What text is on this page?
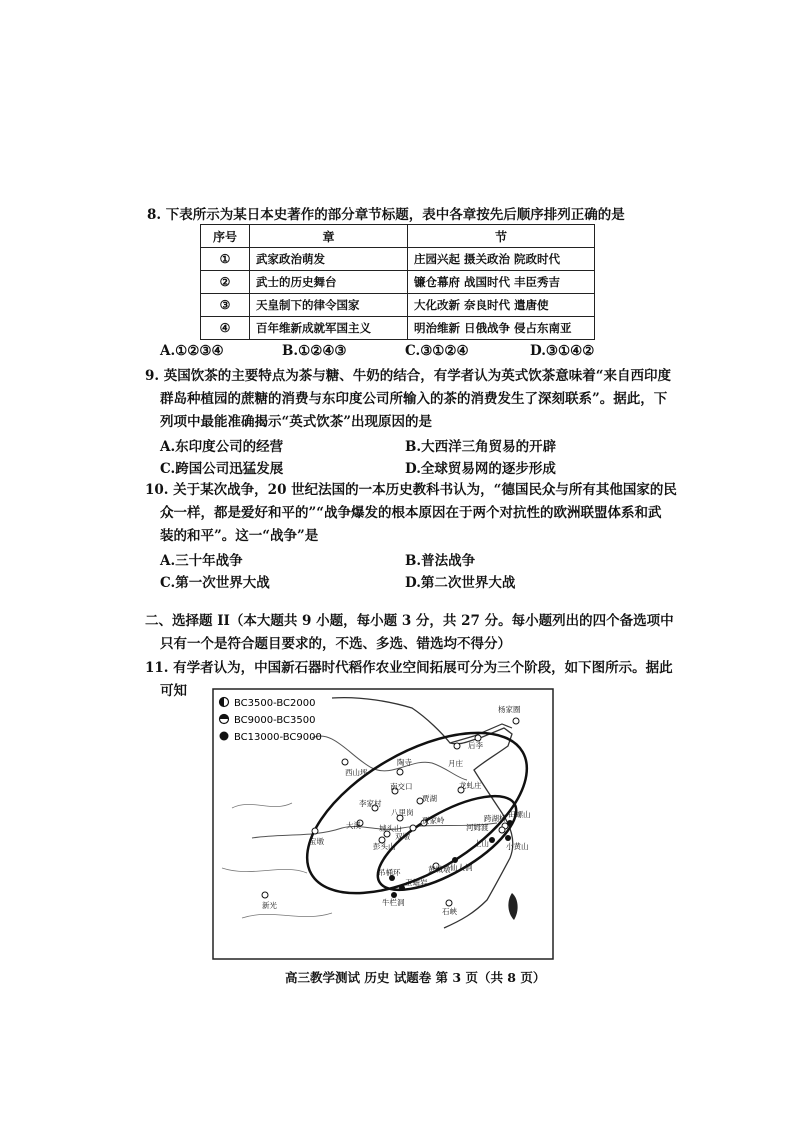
8. 下表所示为某日本史著作的部分章节标题，表中各章按先后顺序排列正确的是
序号	章	节
①	武家政治萌发	庄园兴起 摄关政治 院政时代
②	武士的历史舞台	镰仓幕府 战国时代 丰臣秀吉
③	天皇制下的律令国家	大化改新 奈良时代 遣唐使
④	百年维新成就军国主义	明治维新 日俄战争 侵占东南亚
A.①②③④	B.①②④③	C.③①②④	D.③①④②
9. 英国饮茶的主要特点为茶与糖、牛奶的结合，有学者认为英式饮茶意味着“来自西印度
群岛种植园的蔗糖的消费与东印度公司所输入的茶的消费发生了深刻联系”。据此，下
列项中最能准确揭示“英式饮茶”出现原因的是
A.东印度公司的经营	B.大西洋三角贸易的开辟
C.跨国公司迅猛发展	D.全球贸易网的逐步形成
10. 关于某次战争，20 世纪法国的一本历史教科书认为，“德国民众与所有其他国家的民
众一样，都是爱好和平的”“战争爆发的根本原因在于两个对抗性的欧洲联盟体系和武
装的和平”。这一“战争”是
A.三十年战争	B.普法战争
C.第一次世界大战	D.第二次世界大战
二、选择题 II（本大题共 9 小题，每小题 3 分，共 27 分。每小题列出的四个备选项中
只有一个是符合题目要求的，不选、多选、错选均不得分）
11. 有学者认为，中国新石器时代稻作农业空间拓展可分为三个阶段，如下图所示。据此
可知
BC3500-BC2000
BC9000-BC3500
BC13000-BC9000
杨家圈
陶寺
后李
月庄
西山坪
南交口	龙虬庄
李家村
贾湖
八里岗
双墩
城头山
贾家岭	跨湖桥 田螺山
河姆渡
宝墩
大溪
彭头山	上山 小黄山
仙人洞
吊桶环
玉蟾岩
黄城墩
新光	牛栏洞
石峡
高三教学测试 历史 试题卷 第 3 页（共 8 页）
